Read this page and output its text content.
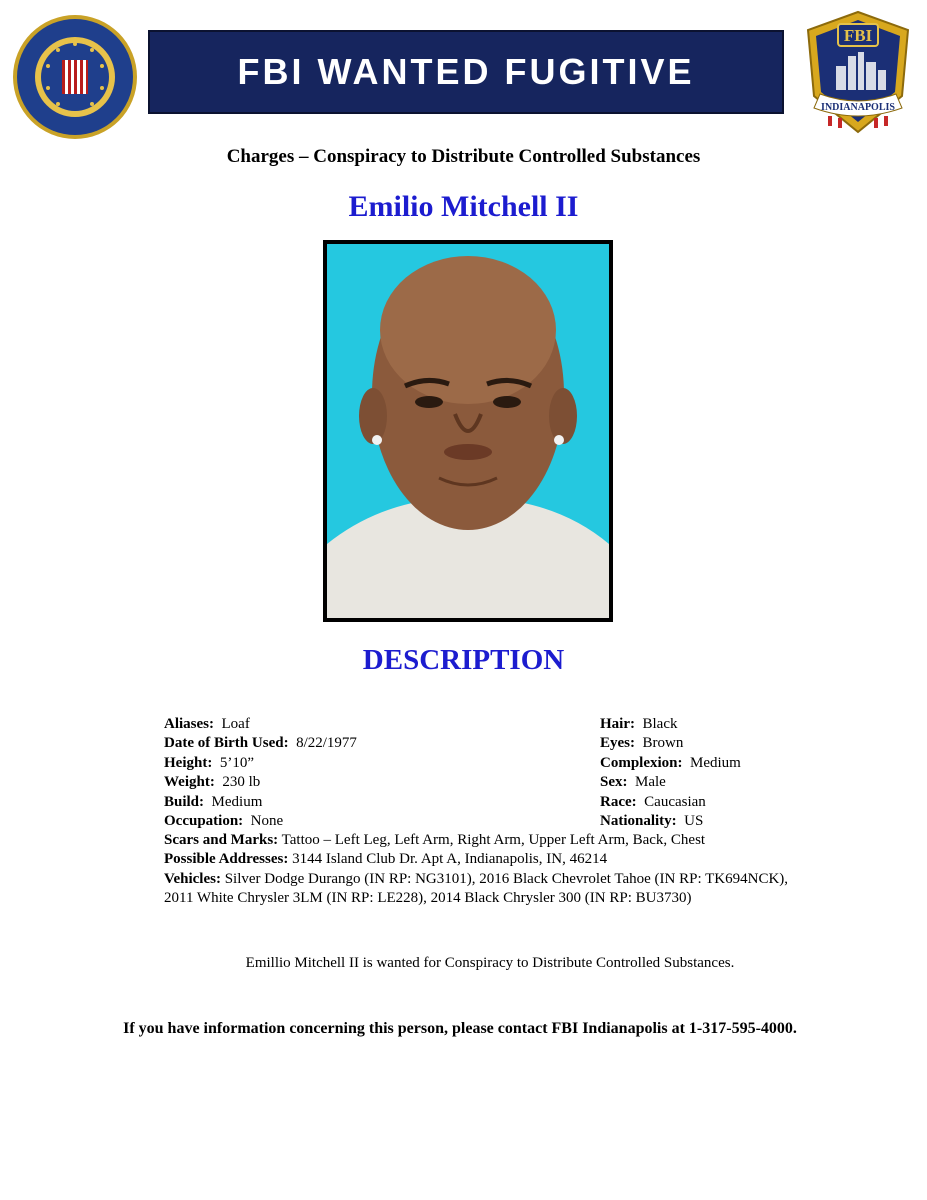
FBI WANTED FUGITIVE
FBI
INDIANAPOLIS
Charges – Conspiracy to Distribute Controlled Substances
Emilio Mitchell II
DESCRIPTION
Aliases: Loaf
Date of Birth Used: 8/22/1977
Height: 5’10”
Weight: 230 lb
Build: Medium
Occupation: None
Hair: Black
Eyes: Brown
Complexion: Medium
Sex: Male
Race: Caucasian
Nationality: US
Scars and Marks: Tattoo – Left Leg, Left Arm, Right Arm, Upper Left Arm, Back, Chest
Possible Addresses: 3144 Island Club Dr. Apt A, Indianapolis, IN, 46214
Vehicles: Silver Dodge Durango (IN RP: NG3101), 2016 Black Chevrolet Tahoe (IN RP: TK694NCK), 2011 White Chrysler 3LM (IN RP: LE228), 2014 Black Chrysler 300 (IN RP: BU3730)
Emillio Mitchell II is wanted for Conspiracy to Distribute Controlled Substances.
If you have information concerning this person, please contact FBI Indianapolis at 1-317-595-4000.
